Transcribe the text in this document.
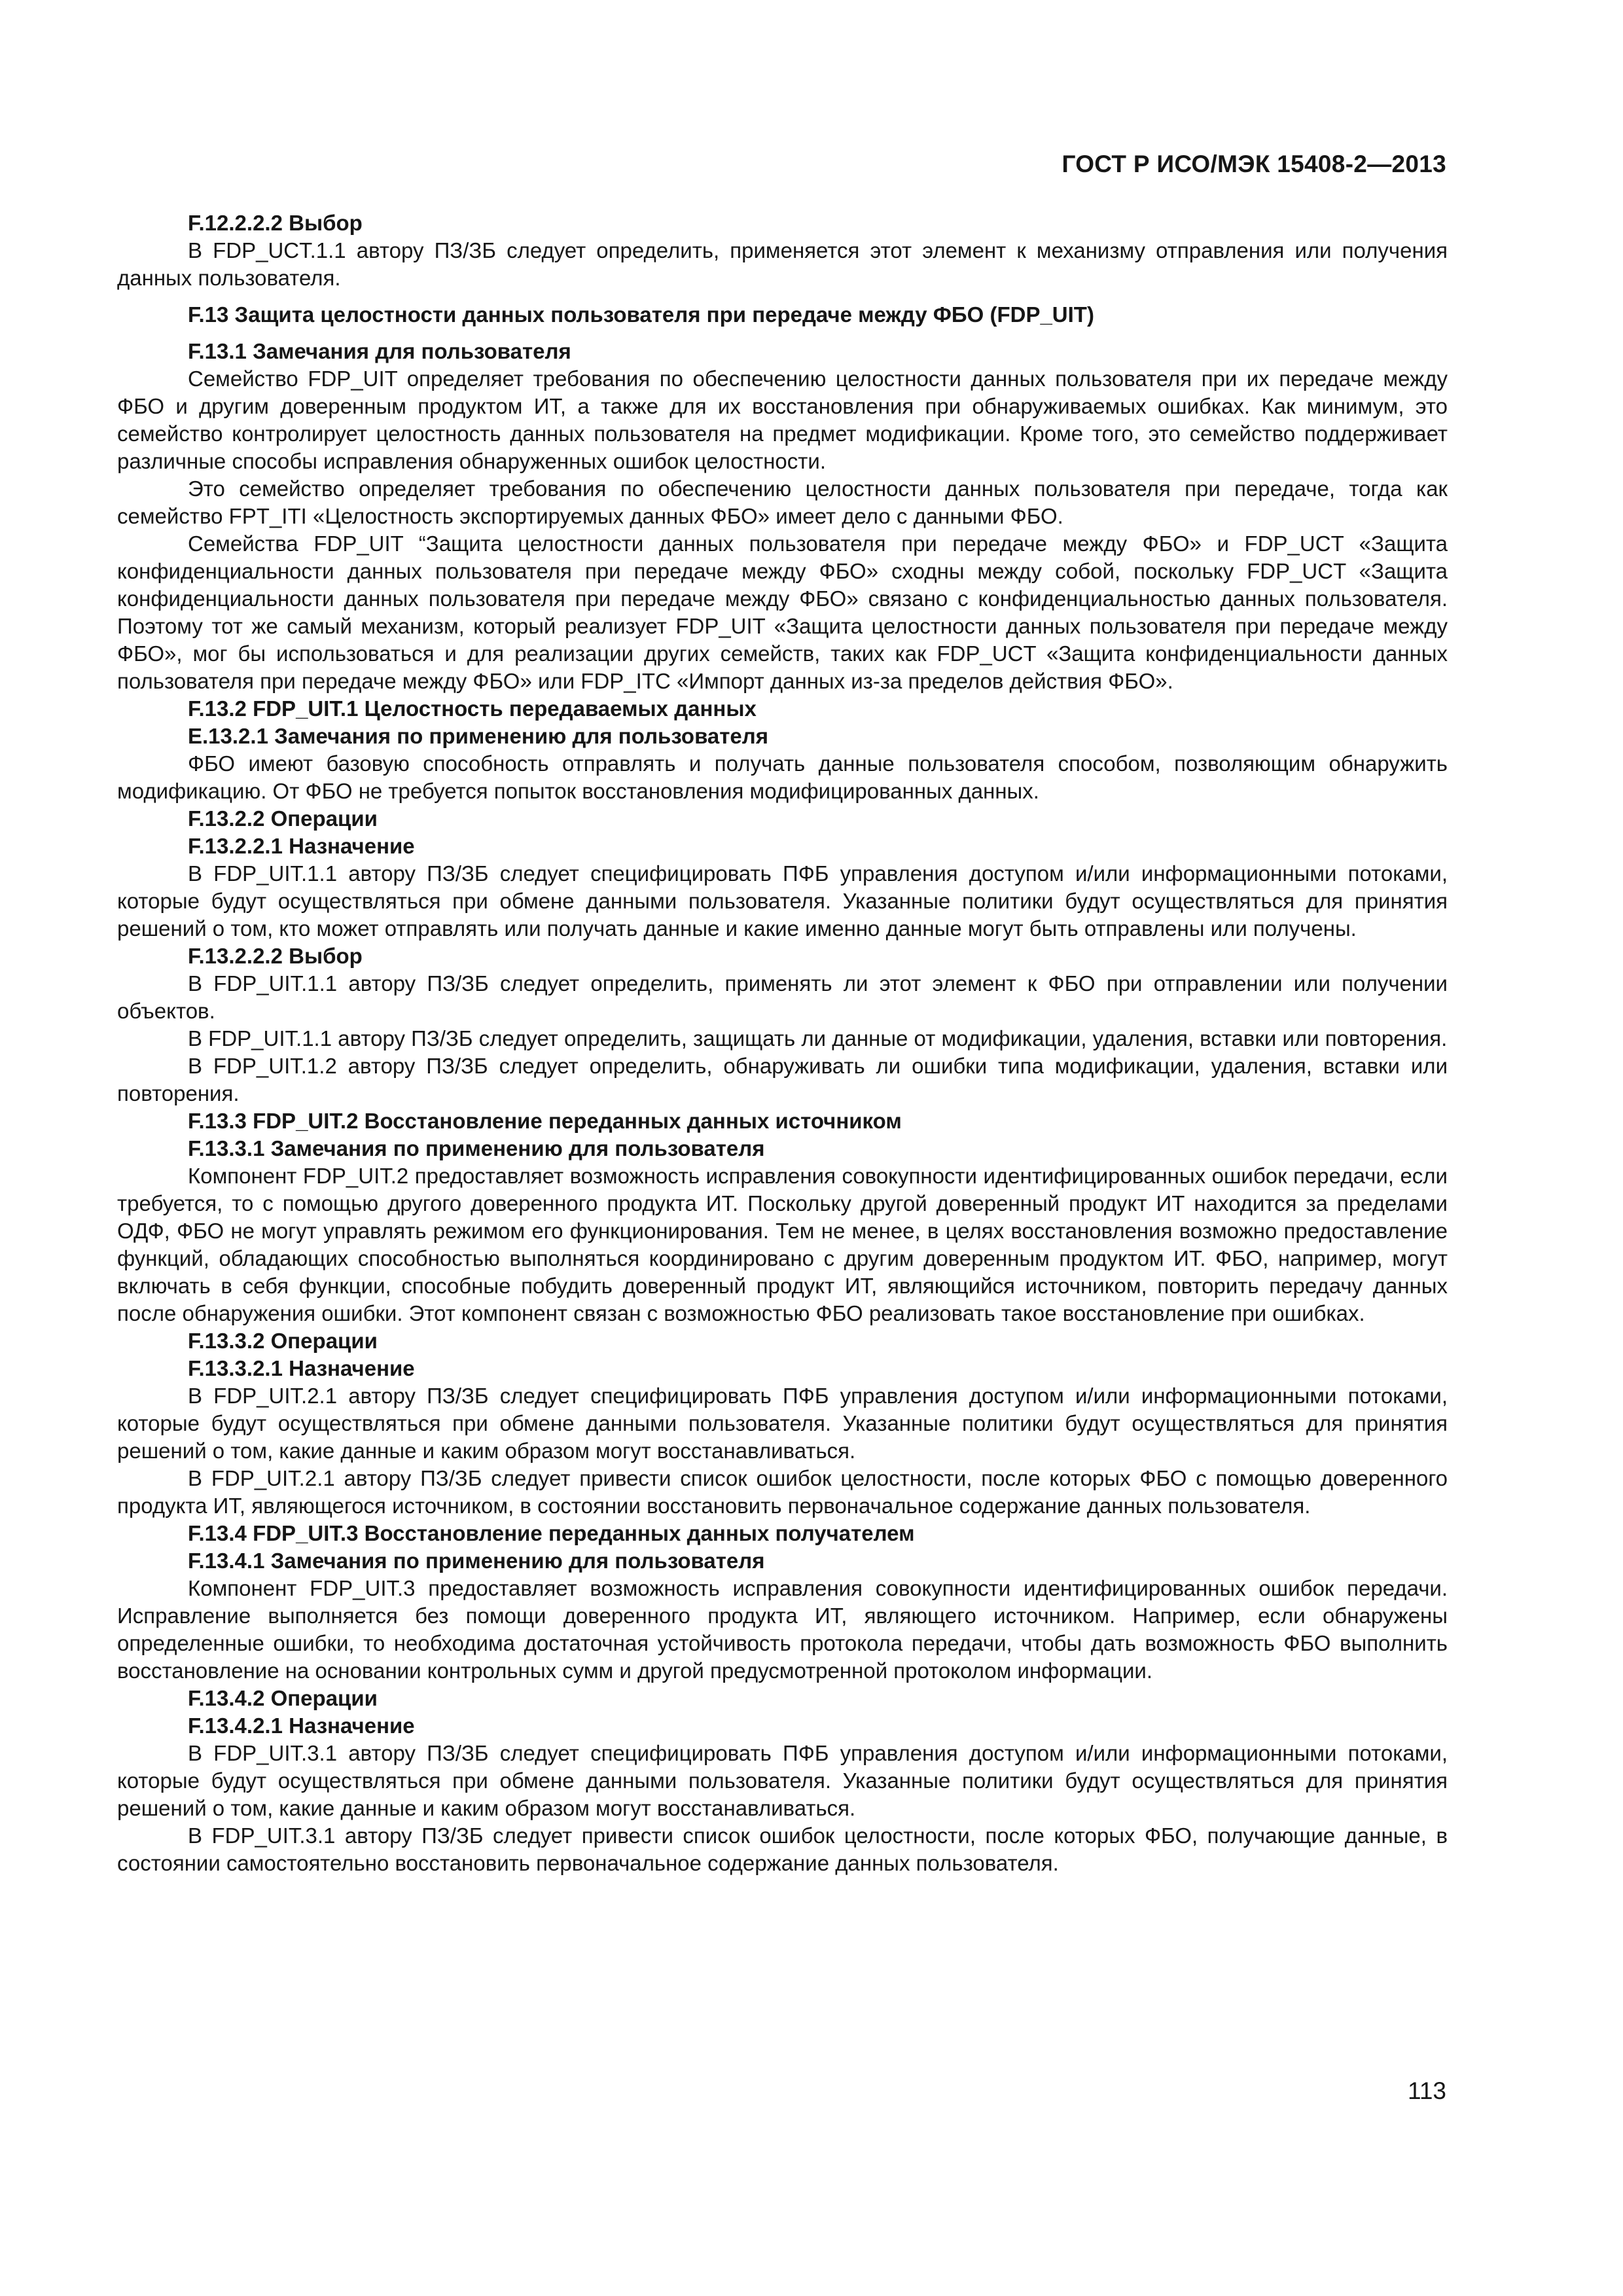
ГОСТ Р ИСО/МЭК 15408-2—2013

F.12.2.2.2 Выбор

В FDP_UCT.1.1 автору ПЗ/ЗБ следует определить, применяется этот элемент к механизму отправления или получения данных пользователя.

F.13 Защита целостности данных пользователя при передаче между ФБО (FDP_UIT)

F.13.1 Замечания для пользователя

Семейство FDP_UIT определяет требования по обеспечению целостности данных пользователя при их передаче между ФБО и другим доверенным продуктом ИТ, а также для их восстановления при обнаруживаемых ошибках. Как минимум, это семейство контролирует целостность данных пользователя на предмет модификации. Кроме того, это семейство поддерживает различные способы исправления обнаруженных ошибок целостности.

Это семейство определяет требования по обеспечению целостности данных пользователя при передаче, тогда как семейство FPT_ITI «Целостность экспортируемых данных ФБО» имеет дело с данными ФБО.

Семейства FDP_UIT “Защита целостности данных пользователя при передаче между ФБО» и FDP_UCT «Защита конфиденциальности данных пользователя при передаче между ФБО» сходны между собой, поскольку FDP_UCT «Защита конфиденциальности данных пользователя при передаче между ФБО» связано с конфиденциальностью данных пользователя. Поэтому тот же самый механизм, который реализует FDP_UIT «Защита целостности данных пользователя при передаче между ФБО», мог бы использоваться и для реализации других семейств, таких как FDP_UCT «Защита конфиденциальности данных пользователя при передаче между ФБО» или FDP_ITC «Импорт данных из-за пределов действия ФБО».

F.13.2 FDP_UIT.1 Целостность передаваемых данных

E.13.2.1 Замечания по применению для пользователя

ФБО имеют базовую способность отправлять и получать данные пользователя способом, позволяющим обнаружить модификацию. От ФБО не требуется попыток восстановления модифицированных данных.

F.13.2.2 Операции

F.13.2.2.1 Назначение

В FDP_UIT.1.1 автору ПЗ/ЗБ следует специфицировать ПФБ управления доступом и/или информационными потоками, которые будут осуществляться при обмене данными пользователя. Указанные политики будут осуществляться для принятия решений о том, кто может отправлять или получать данные и какие именно данные могут быть отправлены или получены.

F.13.2.2.2 Выбор

В FDP_UIT.1.1 автору ПЗ/ЗБ следует определить, применять ли этот элемент к ФБО при отправлении или получении объектов.

В FDP_UIT.1.1 автору ПЗ/ЗБ следует определить, защищать ли данные от модификации, удаления, вставки или повторения.

В FDP_UIT.1.2 автору ПЗ/ЗБ следует определить, обнаруживать ли ошибки типа модификации, удаления, вставки или повторения.

F.13.3 FDP_UIT.2 Восстановление переданных данных источником

F.13.3.1 Замечания по применению для пользователя

Компонент FDP_UIT.2 предоставляет возможность исправления совокупности идентифицированных ошибок передачи, если требуется, то с помощью другого доверенного продукта ИТ. Поскольку другой доверенный продукт ИТ находится за пределами ОДФ, ФБО не могут управлять режимом его функционирования. Тем не менее, в целях восстановления возможно предоставление функций, обладающих способностью выполняться координировано с другим доверенным продуктом ИТ. ФБО, например, могут включать в себя функции, способные побудить доверенный продукт ИТ, являющийся источником, повторить передачу данных после обнаружения ошибки. Этот компонент связан с возможностью ФБО реализовать такое восстановление при ошибках.

F.13.3.2 Операции

F.13.3.2.1 Назначение

В FDP_UIT.2.1 автору ПЗ/ЗБ следует специфицировать ПФБ управления доступом и/или информационными потоками, которые будут осуществляться при обмене данными пользователя. Указанные политики будут осуществляться для принятия решений о том, какие данные и каким образом могут восстанавливаться.

В FDP_UIT.2.1 автору ПЗ/ЗБ следует привести список ошибок целостности, после которых ФБО с помощью доверенного продукта ИТ, являющегося источником, в состоянии восстановить первоначальное содержание данных пользователя.

F.13.4 FDP_UIT.3 Восстановление переданных данных получателем

F.13.4.1 Замечания по применению для пользователя

Компонент FDP_UIT.3 предоставляет возможность исправления совокупности идентифицированных ошибок передачи. Исправление выполняется без помощи доверенного продукта ИТ, являющего источником. Например, если обнаружены определенные ошибки, то необходима достаточная устойчивость протокола передачи, чтобы дать возможность ФБО выполнить восстановление на основании контрольных сумм и другой предусмотренной протоколом информации.

F.13.4.2 Операции

F.13.4.2.1 Назначение

В FDP_UIT.3.1 автору ПЗ/ЗБ следует специфицировать ПФБ управления доступом и/или информационными потоками, которые будут осуществляться при обмене данными пользователя. Указанные политики будут осуществляться для принятия решений о том, какие данные и каким образом могут восстанавливаться.

В FDP_UIT.3.1 автору ПЗ/ЗБ следует привести список ошибок целостности, после которых ФБО, получающие данные, в состоянии самостоятельно восстановить первоначальное содержание данных пользователя.

113
